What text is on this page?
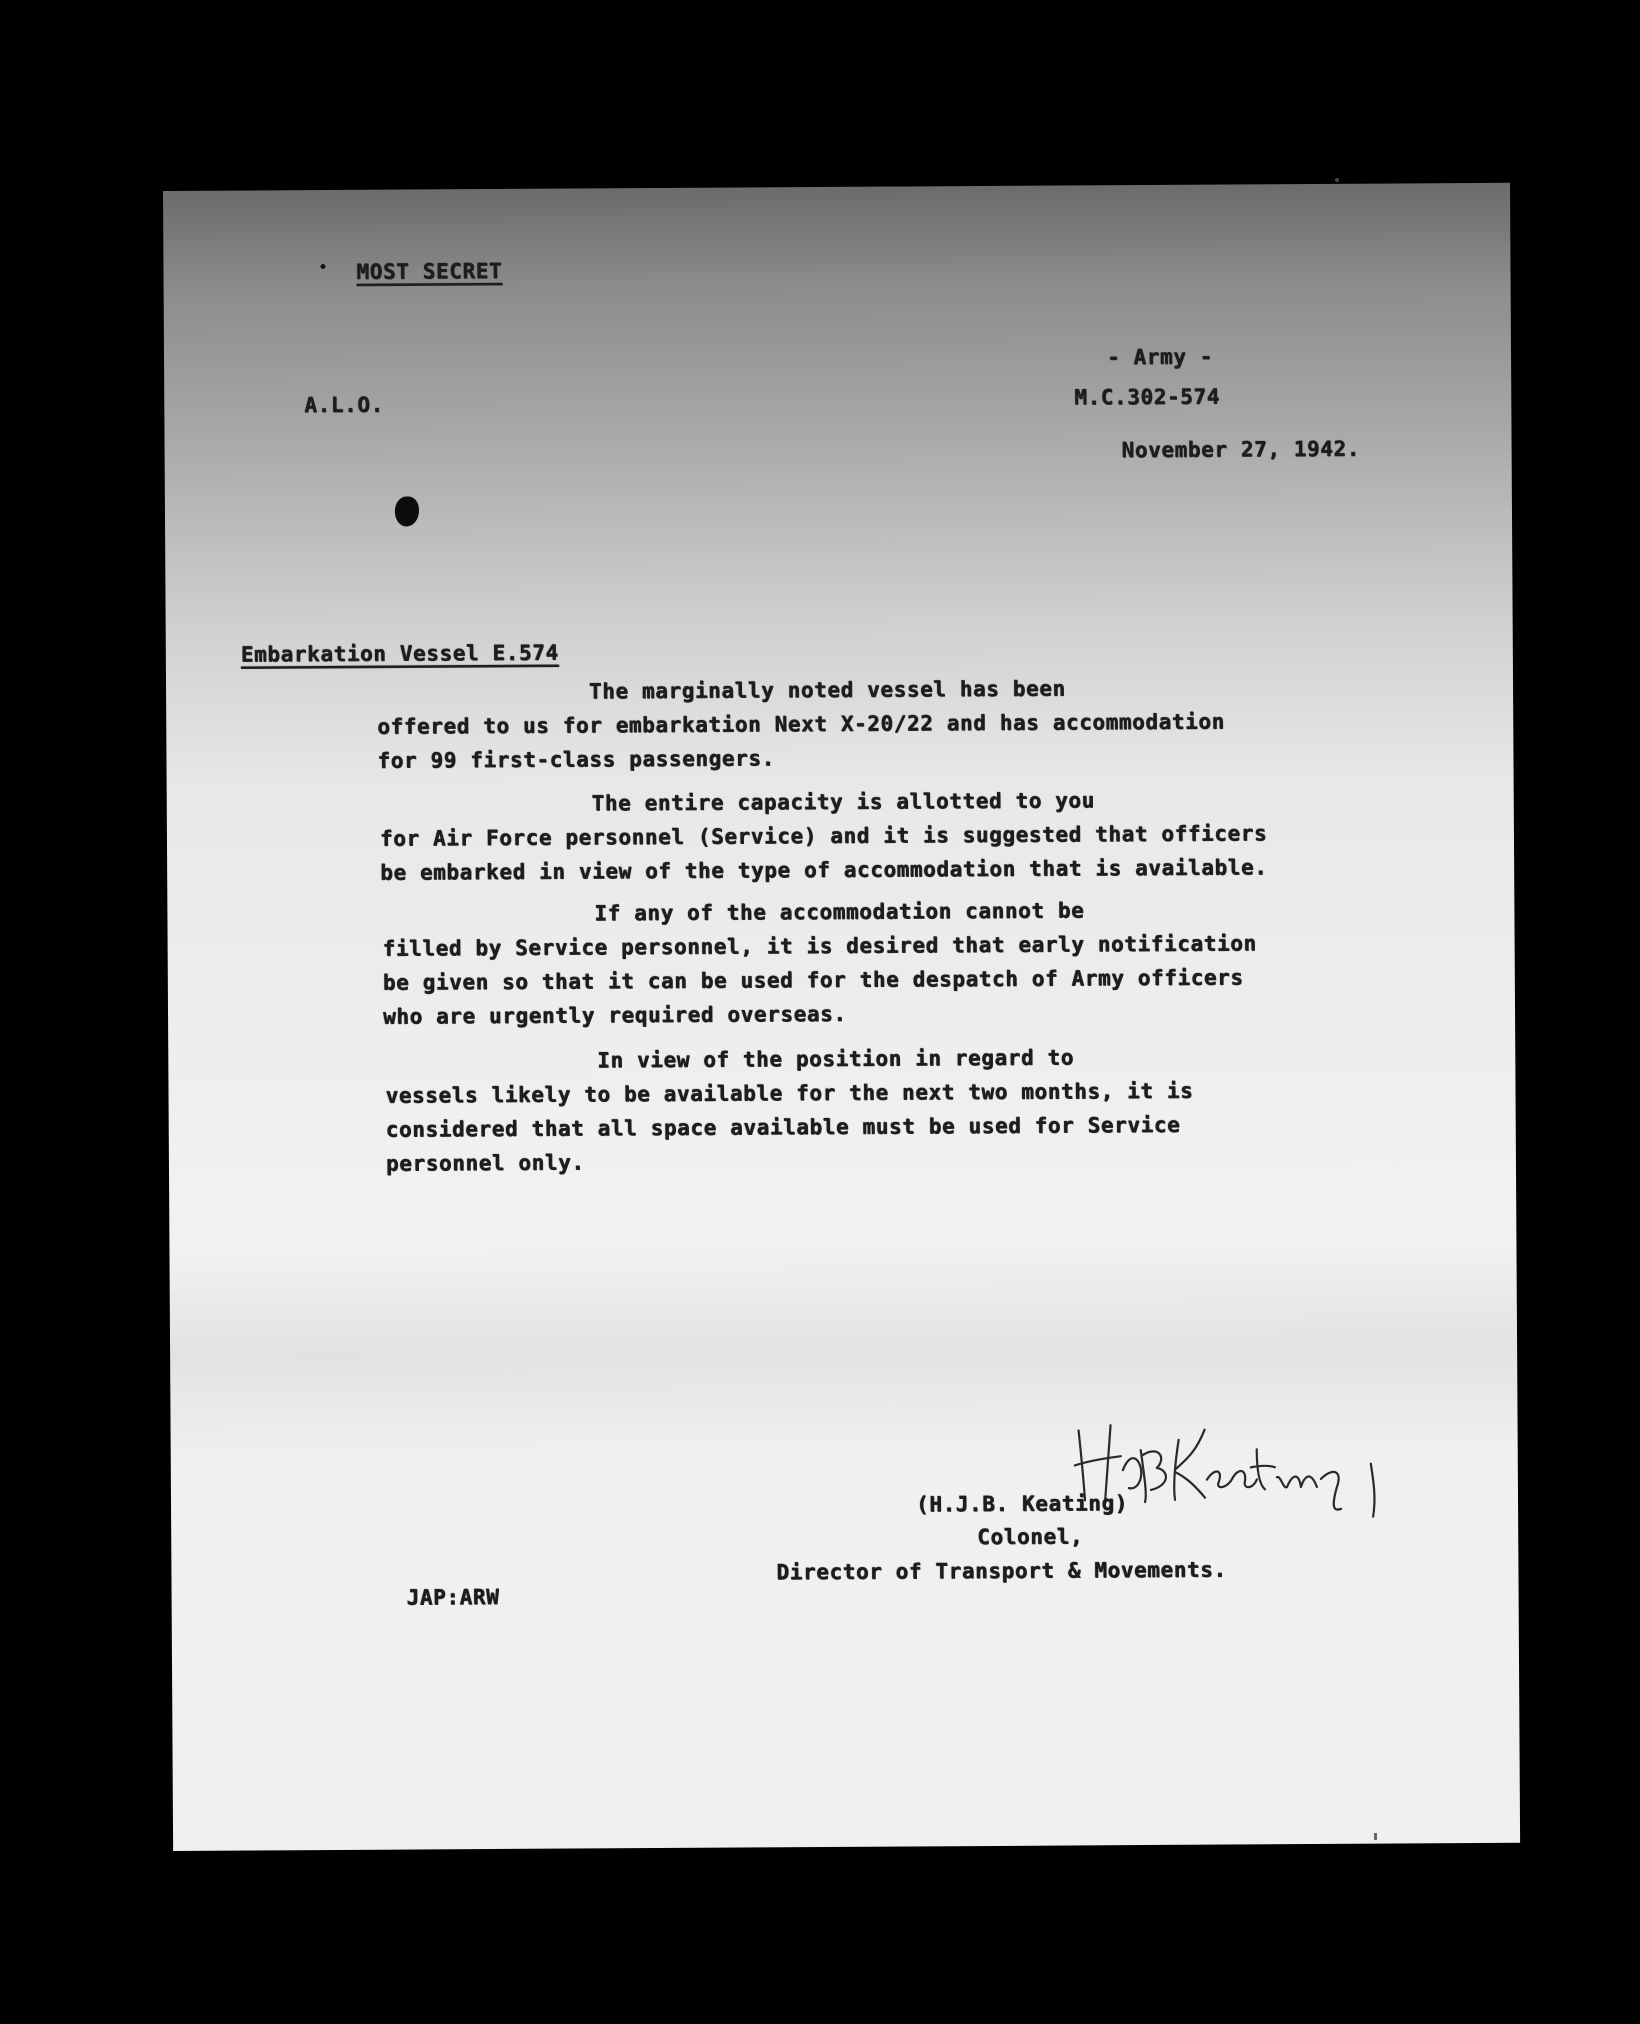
MOST SECRET
- Army -
A.L.O.	M.C.302-574
November 27, 1942.
Embarkation Vessel E.574
The marginally noted vessel has been
offered to us for embarkation Next X-20/22 and has accommodation
for 99 first-class passengers.
The entire capacity is allotted to you
for Air Force personnel (Service) and it is suggested that officers
be embarked in view of the type of accommodation that is available.
If any of the accommodation cannot be
filled by Service personnel, it is desired that early notification
be given so that it can be used for the despatch of Army officers
who are urgently required overseas.
In view of the position in regard to
vessels likely to be available for the next two months, it is
considered that all space available must be used for Service
personnel only.
(H.J.B. Keating)
Colonel,
Director of Transport & Movements.
JAP:ARW
